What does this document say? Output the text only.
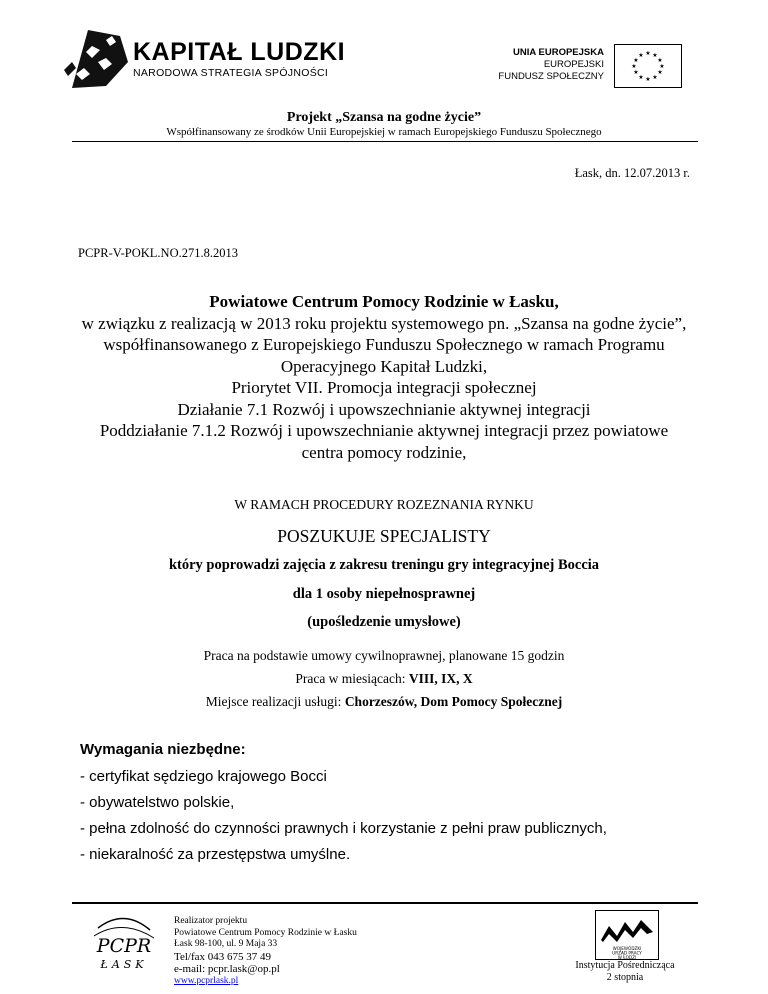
KAPITAŁ LUDZKI
NARODOWA STRATEGIA SPÓJNOŚCI
UNIA EUROPEJSKA
EUROPEJSKI
FUNDUSZ SPOŁECZNY
★ ★
★
★
★
★
★
★
★
★
★
★
Projekt „Szansa na godne życie”
Współfinansowany ze środków Unii Europejskiej w ramach Europejskiego Funduszu Społecznego
Łask, dn. 12.07.2013 r.
PCPR-V-POKL.NO.271.8.2013
Powiatowe Centrum Pomocy Rodzinie w Łasku,
w związku z realizacją w 2013 roku projektu systemowego pn. „Szansa na godne życie”,
współfinansowanego z Europejskiego Funduszu Społecznego w ramach Programu
Operacyjnego Kapitał Ludzki,
Priorytet VII. Promocja integracji społecznej
Działanie 7.1 Rozwój i upowszechnianie aktywnej integracji
Poddziałanie 7.1.2 Rozwój i upowszechnianie aktywnej integracji przez powiatowe
centra pomocy rodzinie,
W RAMACH PROCEDURY ROZEZNANIA RYNKU
POSZUKUJE SPECJALISTY
który poprowadzi zajęcia z zakresu treningu gry integracyjnej Boccia
dla 1 osoby niepełnosprawnej
(upośledzenie umysłowe)
Praca na podstawie umowy cywilnoprawnej, planowane 15 godzin
Praca w miesiącach: VIII, IX, X
Miejsce realizacji usługi: Chorzeszów, Dom Pomocy Społecznej
Wymagania niezbędne:
- certyfikat sędziego krajowego Bocci
- obywatelstwo polskie,
- pełna zdolność do czynności prawnych i korzystanie z pełni praw publicznych,
- niekaralność za przestępstwa umyślne.
PCPR
ŁASK
Realizator projektu
Powiatowe Centrum Pomocy Rodzinie w Łasku
Łask 98-100, ul. 9 Maja 33
Tel/fax 043 675 37 49
e-mail: pcpr.lask@op.pl
www.pcprlask.pl
WOJEWÓDZKI
URZĄD PRACY
W ŁODZI
Instytucja Pośrednicząca
2 stopnia
